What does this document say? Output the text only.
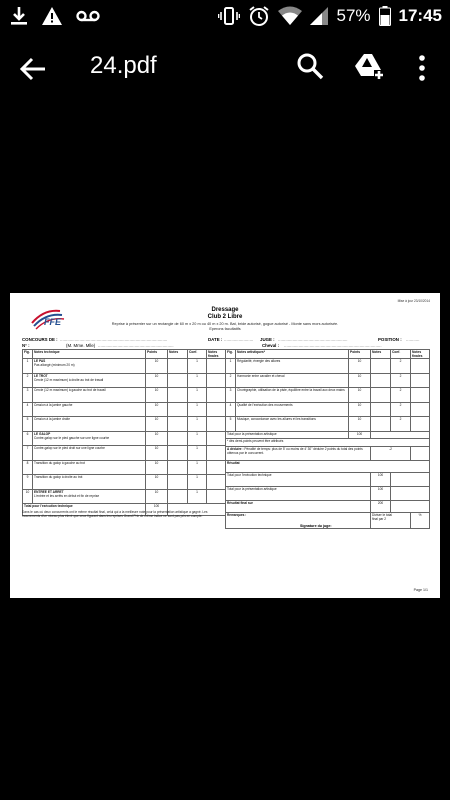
57% 17:45
24.pdf
Mise à jour 23/10/2014
FFE
Dressage
Club 2 Libre
Reprise à présenter sur un rectangle de 60 m x 20 m ou 40 m x 20 m. Bat, bride autorisé, gogue autorisé - Monte sans mors autorisée. Eperons facultatifs
CONCOURS DE : ........................................................................................	DATE : ........................ JUGE : .........................................................	POSITION : ...........
N° :	(M. Mme. Mlle) ..............................................................	Cheval : ................................................................................
Fig.	Notes technique	Points	Notes	Coef.	Notes finales
1	LE PAS
Pas allongé (minimum 20 m)	10		1	
2	LE TROT
Cercle (12 m maximum) à droite au trot de travail	10		1	
3	Cercle (12 m maximum) à gauche au trot de travail	10		1	
4	Cession à la jambe gauche	10		1	
5	Cession à la jambe droite	10		1	
6	LE GALOP
Contre-galop sur le pied gauche sur une ligne courbe	10		1	
7	Contre-galop sur le pied droit sur une ligne courbe	10		1	
8	Transition du galop à gauche au trot	10		1	
9	Transition du galop à droite au trot	10		1	
10	ENTREE ET ARRET
L'entrée et les arrêts en début et fin de reprise	10		1	
Total pour l'exécution technique		100			
Fig.	Notes artistiques*	Points	Notes	Coef.	Notes finales
1	Régularité, énergie des allures	10		2	
2	Harmonie entre cavalier et cheval	10		2	
3	Chorégraphie, utilisation de la piste, équilibre entre la travail aux deux mains	10		2	
4	Qualité de l'exécution des mouvements	10		2	
5	Musique, concordance avec les allures et les transitions	10		2	
Total pour la présentation artistique		100			
* dès demi-points peuvent être attribués					
A déduire : Pénalité de temps: plus de 5' ou moins de 4' 30" déduire 2 points du total des points obtenus par le concurrent.			-2		
Résultat					
Total pour l'exécution technique			100		
Total pour la présentation artistique			100		
Résultat final sur			200		
Remarques :			Diviser le total
final par 2		%
Dans le cas où deux concurrents ont le même résultat final, celui qui a la meilleure note pour la présentation artistique a gagné. Les mouvements d'un niveau plus élevé que ceux figurant dans les reprises Grand Prix de même indice ne sont pas pris en compte.
Signature du juge:
Page 1/1
